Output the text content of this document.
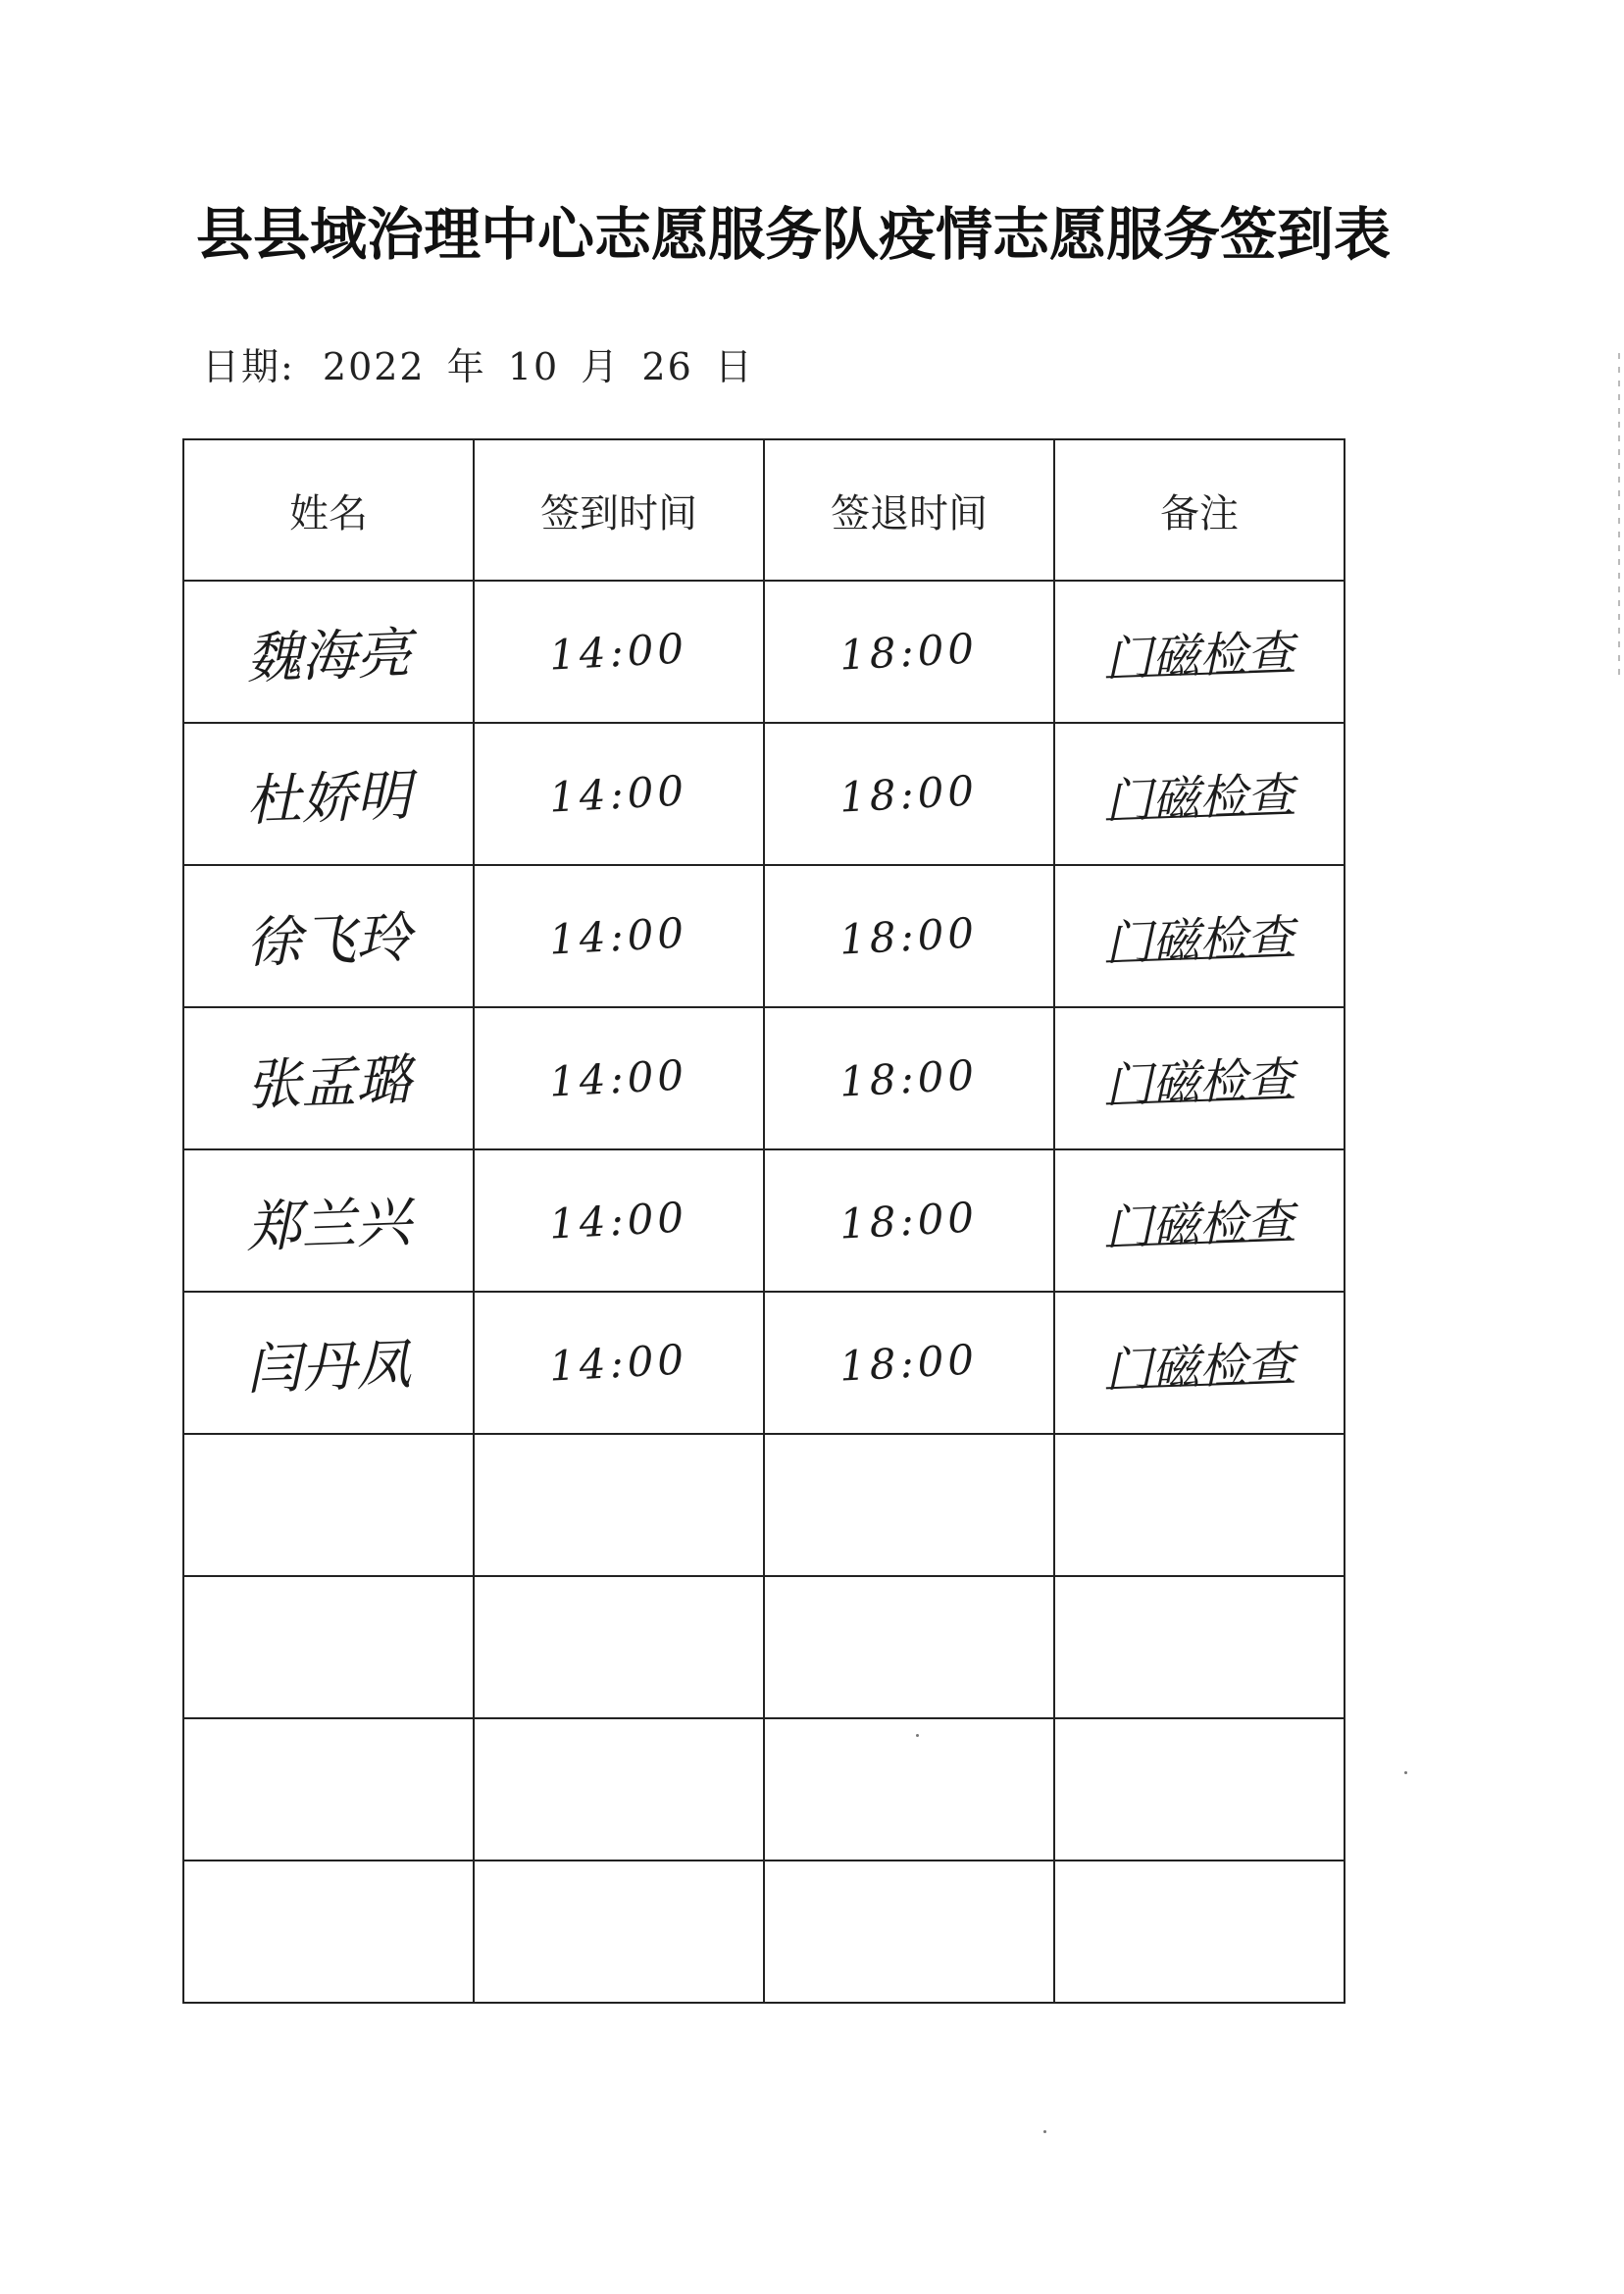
县县域治理中心志愿服务队疫情志愿服务签到表
日期: 2022 年 10 月 26 日
姓名	签到时间	签退时间	备注
魏海亮	14:00	18:00	门磁检查
杜娇明	14:00	18:00	门磁检查
徐飞玲	14:00	18:00	门磁检查
张孟璐	14:00	18:00	门磁检查
郑兰兴	14:00	18:00	门磁检查
闫丹凤	14:00	18:00	门磁检查
